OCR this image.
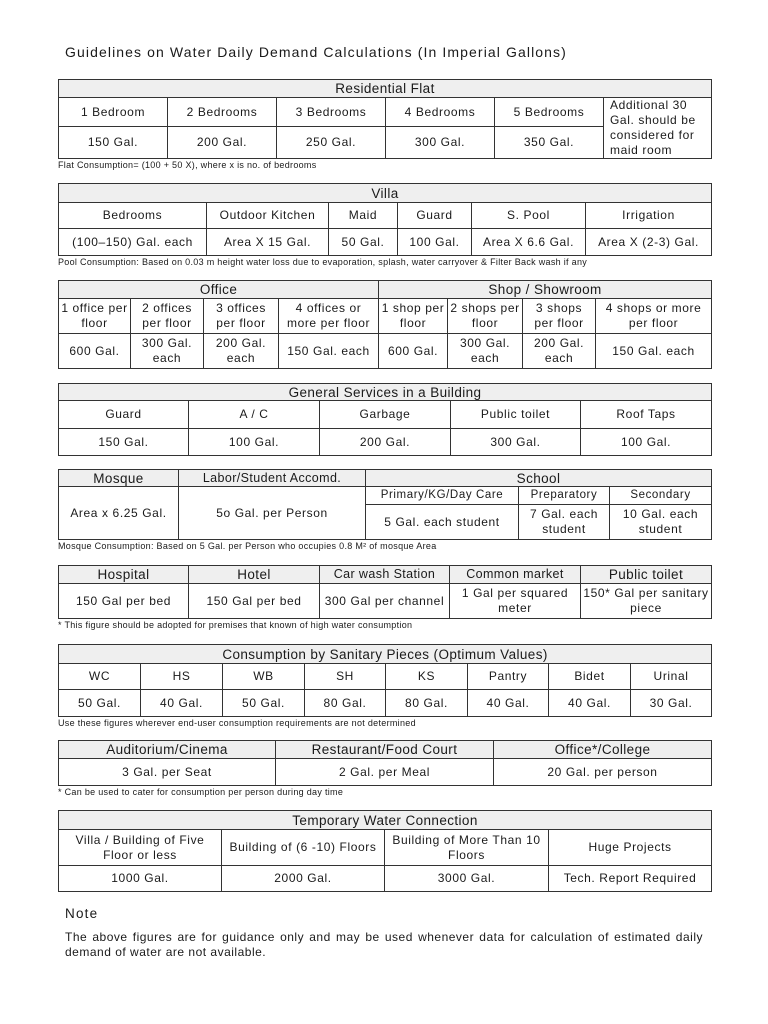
Guidelines on Water Daily Demand Calculations (In Imperial Gallons)
Residential Flat					
1 Bedroom	2 Bedrooms	3 Bedrooms	4 Bedrooms	5 Bedrooms	Additional 30 Gal. should be considered for maid room
150 Gal.	200 Gal.	250 Gal.	300 Gal.	350 Gal.	
Flat Consumption= (100 + 50 X), where x is no. of bedrooms
Villa					
Bedrooms	Outdoor Kitchen	Maid	Guard	S. Pool	Irrigation
(100–150) Gal. each	Area X 15 Gal.	50 Gal.	100 Gal.	Area X 6.6 Gal.	Area X (2-3) Gal.
Pool Consumption: Based on 0.03 m height water loss due to evaporation, splash, water carryover & Filter Back wash if any
Office				Shop / Showroom			
1 office per floor	2 offices per floor	3 offices per floor	4 offices or more per floor	1 shop per floor	2 shops per floor	3 shops per floor	4 shops or more per floor
600 Gal.	300 Gal. each	200 Gal. each	150 Gal. each	600 Gal.	300 Gal. each	200 Gal. each	150 Gal. each
General Services in a Building				
Guard	A / C	Garbage	Public toilet	Roof Taps
150 Gal.	100 Gal.	200 Gal.	300 Gal.	100 Gal.
Mosque	Labor/Student Accomd.	School		
Area x 6.25 Gal.	5o Gal. per Person	Primary/KG/Day Care	Preparatory	Secondary
		5 Gal. each student	7 Gal. each student	10 Gal. each student
Mosque Consumption: Based on 5 Gal. per Person who occupies 0.8 M² of mosque Area
Hospital	Hotel	Car wash Station	Common market	Public toilet
150 Gal per bed	150 Gal per bed	300 Gal per channel	1 Gal per squared meter	150* Gal per sanitary piece
* This figure should be adopted for premises that known of high water consumption
Consumption by Sanitary Pieces (Optimum Values)							
WC	HS	WB	SH	KS	Pantry	Bidet	Urinal
50 Gal.	40 Gal.	50 Gal.	80 Gal.	80 Gal.	40 Gal.	40 Gal.	30 Gal.
Use these figures wherever end-user consumption requirements are not determined
Auditorium/Cinema	Restaurant/Food Court	Office*/College
3 Gal. per Seat	2 Gal. per Meal	20 Gal. per person
* Can be used to cater for consumption per person during day time
Temporary Water Connection			
Villa / Building of Five Floor or less	Building of (6 -10) Floors	Building of More Than 10 Floors	Huge Projects
1000 Gal.	2000 Gal.	3000 Gal.	Tech. Report Required
Note
The above figures are for guidance only and may be used whenever data for calculation of estimated daily demand of water are not available.
